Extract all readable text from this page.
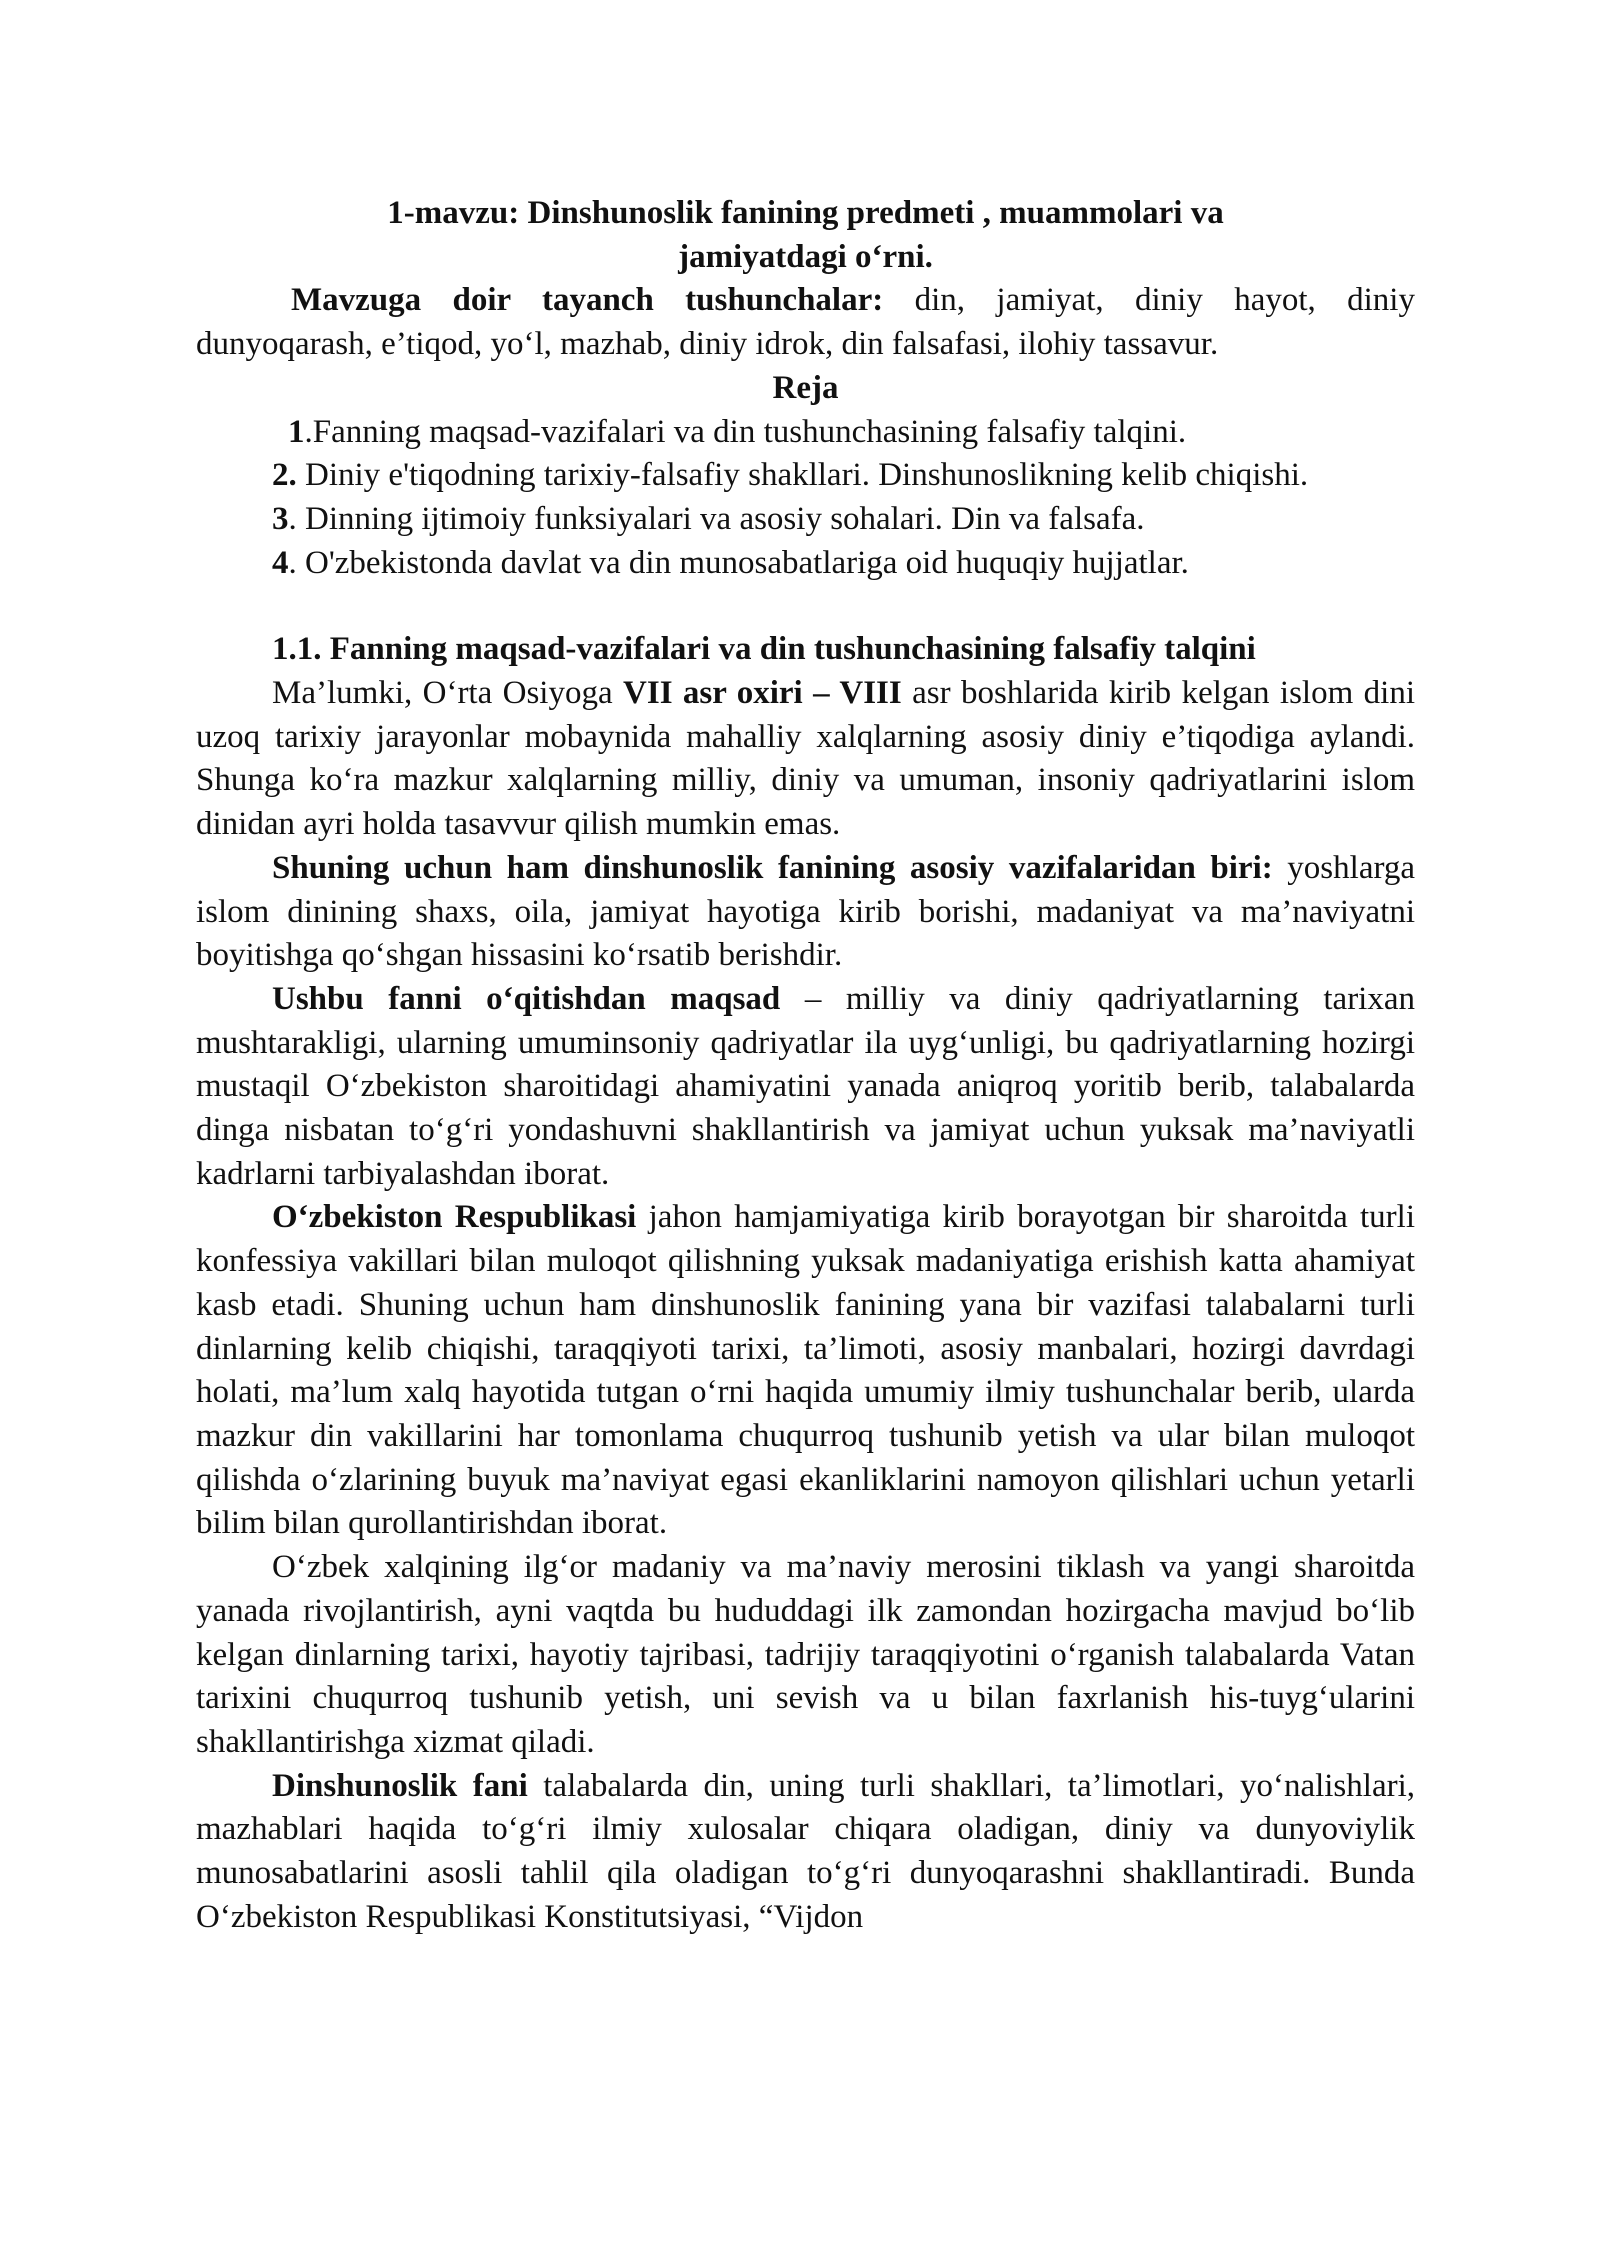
1-mavzu: Dinshunoslik fanining predmeti , muammolari va
jamiyatdagi o‘rni.

Mavzuga doir tayanch tushunchalar: din, jamiyat, diniy hayot, diniy dunyoqarash, e’tiqod, yo‘l, mazhab, diniy idrok, din falsafasi, ilohiy tassavur.

Reja

1.Fanning maqsad-vazifalari va din tushunchasining falsafiy talqini.

2. Diniy e'tiqodning tarixiy-falsafiy shakllari. Dinshunoslikning kelib chiqishi.

3. Dinning ijtimoiy funksiyalari va asosiy sohalari. Din va falsafa.

4. O'zbekistonda davlat va din munosabatlariga oid huquqiy hujjatlar.

1.1. Fanning maqsad-vazifalari va din tushunchasining falsafiy talqini

Ma’lumki, O‘rta Osiyoga VII asr oxiri – VIII asr boshlarida kirib kelgan islom dini uzoq tarixiy jarayonlar mobaynida mahalliy xalqlarning asosiy diniy e’tiqodiga aylandi. Shunga ko‘ra mazkur xalqlarning milliy, diniy va umuman, insoniy qadriyatlarini islom dinidan ayri holda tasavvur qilish mumkin emas.

Shuning uchun ham dinshunoslik fanining asosiy vazifalaridan biri: yoshlarga islom dinining shaxs, oila, jamiyat hayotiga kirib borishi, madaniyat va ma’naviyatni boyitishga qo‘shgan hissasini ko‘rsatib berishdir.

Ushbu fanni o‘qitishdan maqsad – milliy va diniy qadriyatlarning tarixan mushtarakligi, ularning umuminsoniy qadriyatlar ila uyg‘unligi, bu qadriyatlarning hozirgi mustaqil O‘zbekiston sharoitidagi ahamiyatini yanada aniqroq yoritib berib, talabalarda dinga nisbatan to‘g‘ri yondashuvni shakllantirish va jamiyat uchun yuksak ma’naviyatli kadrlarni tarbiyalashdan iborat.

O‘zbekiston Respublikasi jahon hamjamiyatiga kirib borayotgan bir sharoitda turli konfessiya vakillari bilan muloqot qilishning yuksak madaniyatiga erishish katta ahamiyat kasb etadi. Shuning uchun ham dinshunoslik fanining yana bir vazifasi talabalarni turli dinlarning kelib chiqishi, taraqqiyoti tarixi, ta’limoti, asosiy manbalari, hozirgi davrdagi holati, ma’lum xalq hayotida tutgan o‘rni haqida umumiy ilmiy tushunchalar berib, ularda mazkur din vakillarini har tomonlama chuqurroq tushunib yetish va ular bilan muloqot qilishda o‘zlarining buyuk ma’naviyat egasi ekanliklarini namoyon qilishlari uchun yetarli bilim bilan qurollantirishdan iborat.

O‘zbek xalqining ilg‘or madaniy va ma’naviy merosini tiklash va yangi sharoitda yanada rivojlantirish, ayni vaqtda bu hududdagi ilk zamondan hozirgacha mavjud bo‘lib kelgan dinlarning tarixi, hayotiy tajribasi, tadrijiy taraqqiyotini o‘rganish talabalarda Vatan tarixini chuqurroq tushunib yetish, uni sevish va u bilan faxrlanish his-tuyg‘ularini shakllantirishga xizmat qiladi.

Dinshunoslik fani talabalarda din, uning turli shakllari, ta’limotlari, yo‘nalishlari, mazhablari haqida to‘g‘ri ilmiy xulosalar chiqara oladigan, diniy va dunyoviylik munosabatlarini asosli tahlil qila oladigan to‘g‘ri dunyoqarashni shakllantiradi. Bunda O‘zbekiston Respublikasi Konstitutsiyasi, “Vijdon
